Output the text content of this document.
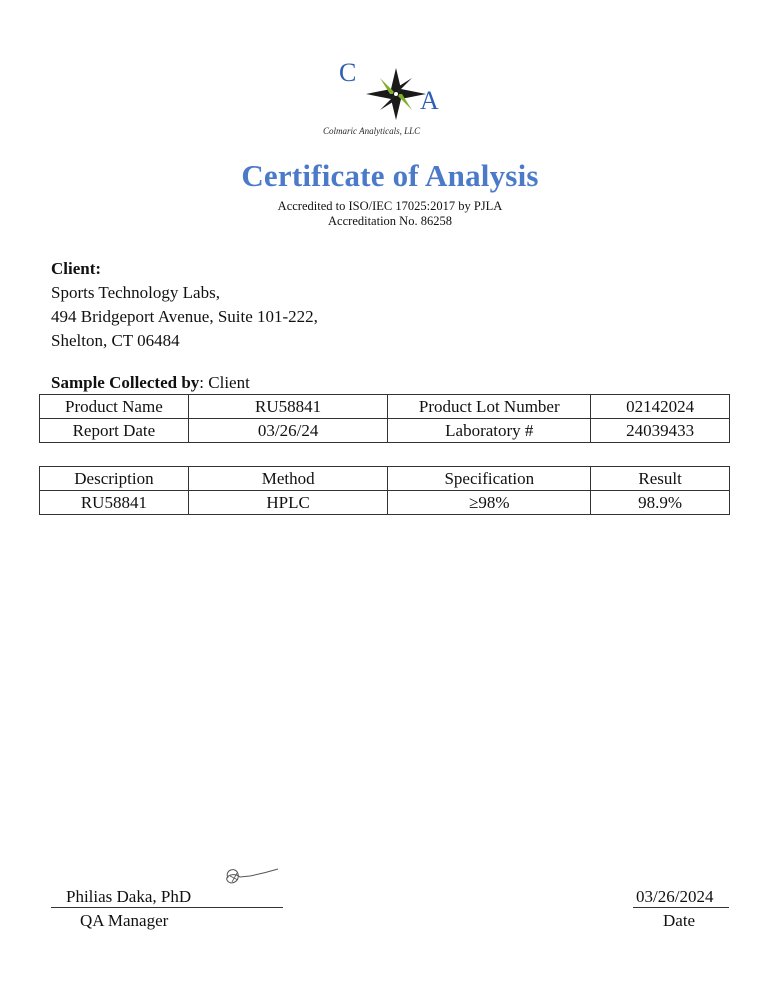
C
A
Colmaric Analyticals, LLC
Certificate of Analysis
Accredited to ISO/IEC 17025:2017 by PJLA
Accreditation No. 86258
Client:
Sports Technology Labs,
494 Bridgeport Avenue, Suite 101-222,
Shelton, CT 06484
Sample Collected by: Client
Product Name	RU58841	Product Lot Number	02142024
Report Date	03/26/24	Laboratory #	24039433
Description	Method	Specification	Result
RU58841	HPLC	≥98%	98.9%
Philias Daka, PhD
QA Manager
03/26/2024
Date
